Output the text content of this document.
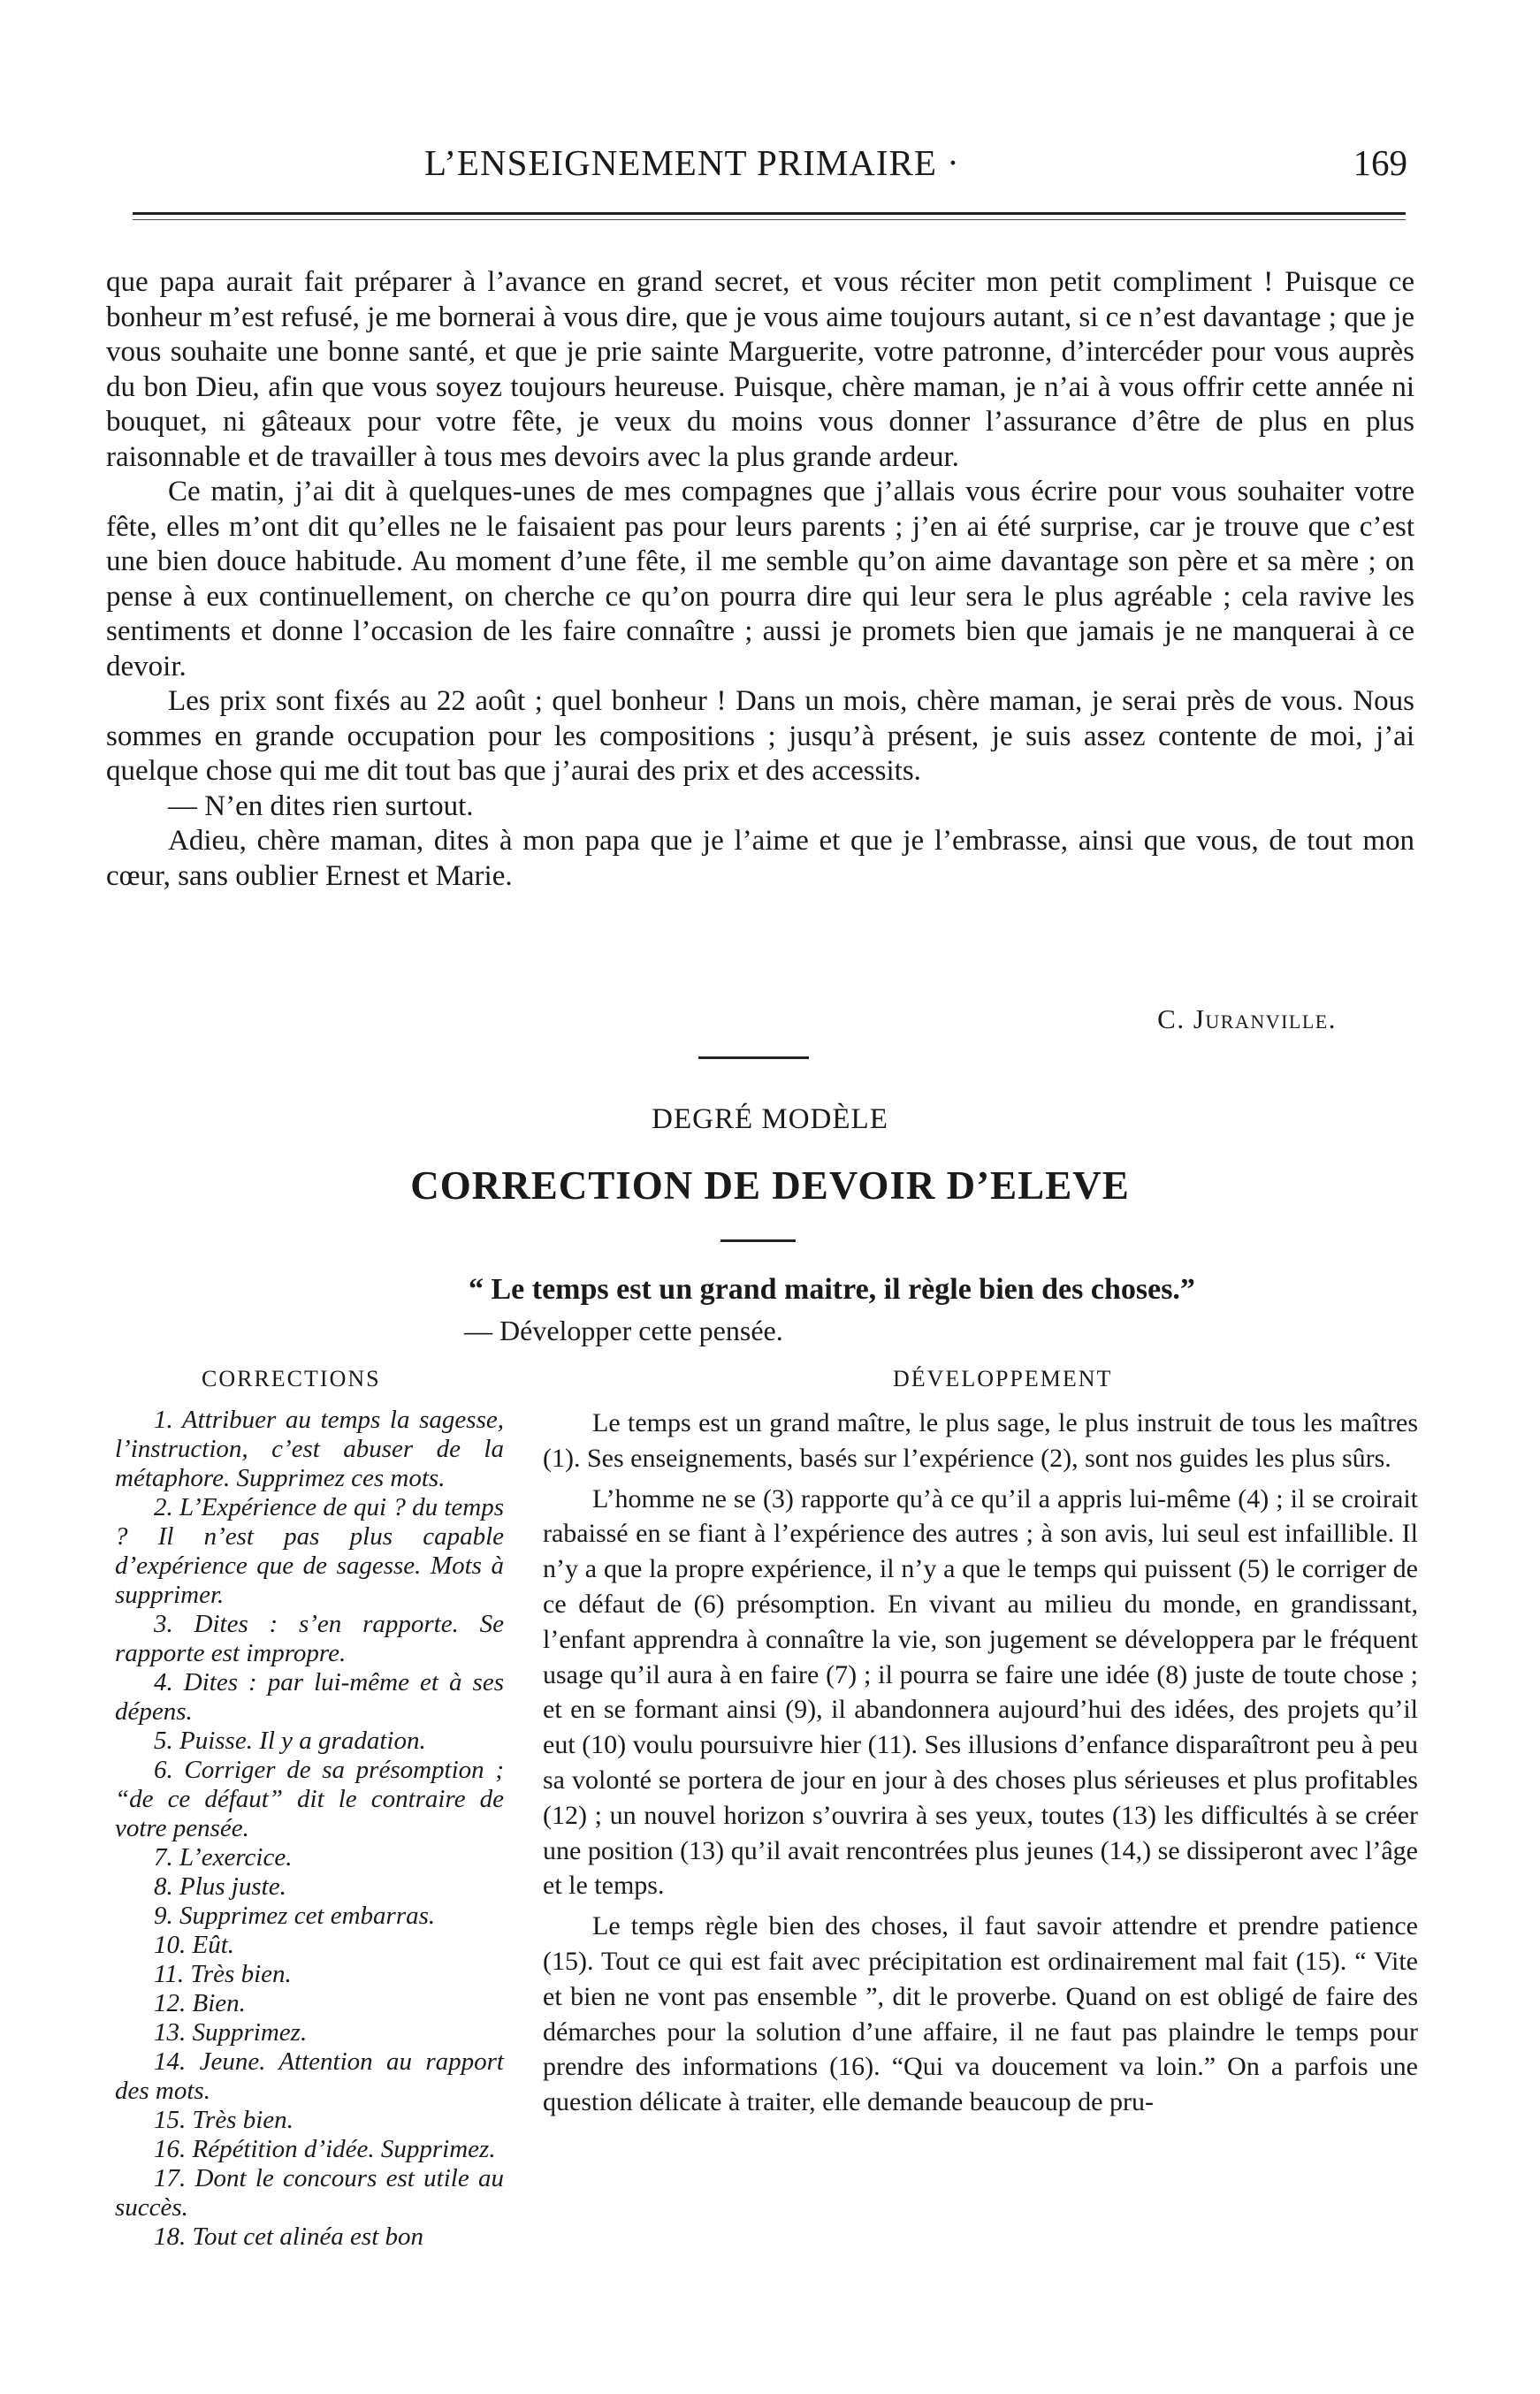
L’ENSEIGNEMENT PRIMAIRE ·	169

que papa aurait fait préparer à l’avance en grand secret, et vous réciter mon petit compliment ! Puisque ce bonheur m’est refusé, je me bornerai à vous dire, que je vous aime toujours autant, si ce n’est davantage ; que je vous souhaite une bonne santé, et que je prie sainte Marguerite, votre patronne, d’intercéder pour vous auprès du bon Dieu, afin que vous soyez toujours heureuse. Puisque, chère maman, je n’ai à vous offrir cette année ni bouquet, ni gâteaux pour votre fête, je veux du moins vous donner l’assurance d’être de plus en plus raisonnable et de travailler à tous mes devoirs avec la plus grande ardeur.

Ce matin, j’ai dit à quelques-unes de mes compagnes que j’allais vous écrire pour vous souhaiter votre fête, elles m’ont dit qu’elles ne le faisaient pas pour leurs parents ; j’en ai été surprise, car je trouve que c’est une bien douce habitude. Au moment d’une fête, il me semble qu’on aime davantage son père et sa mère ; on pense à eux continuellement, on cherche ce qu’on pourra dire qui leur sera le plus agréable ; cela ravive les sentiments et donne l’occasion de les faire connaître ; aussi je promets bien que jamais je ne manquerai à ce devoir.

Les prix sont fixés au 22 août ; quel bonheur ! Dans un mois, chère maman, je serai près de vous. Nous sommes en grande occupation pour les compositions ; jusqu’à présent, je suis assez contente de moi, j’ai quelque chose qui me dit tout bas que j’aurai des prix et des accessits.

— N’en dites rien surtout.

Adieu, chère maman, dites à mon papa que je l’aime et que je l’embrasse, ainsi que vous, de tout mon cœur, sans oublier Ernest et Marie.

C. Juranville.
DEGRÉ MODÈLE
CORRECTION DE DEVOIR D’ELEVE
“ Le temps est un grand maitre, il règle bien des choses.”
— Développer cette pensée.
CORRECTIONS	DÉVELOPPEMENT

1. Attribuer au temps la sagesse, l’instruction, c’est abuser de la métaphore. Supprimez ces mots.

2. L’Expérience de qui ? du temps ? Il n’est pas plus capable d’expérience que de sagesse. Mots à supprimer.

3. Dites : s’en rapporte. Se rapporte est impropre.

4. Dites : par lui-même et à ses dépens.

5. Puisse. Il y a gradation.

6. Corriger de sa présomption ; “de ce défaut” dit le contraire de votre pensée.

7. L’exercice.

8. Plus juste.

9. Supprimez cet embarras.

10. Eût.

11. Très bien.

12. Bien.

13. Supprimez.

14. Jeune. Attention au rapport des mots.

15. Très bien.

16. Répétition d’idée. Supprimez.

17. Dont le concours est utile au succès.

18. Tout cet alinéa est bon

Le temps est un grand maître, le plus sage, le plus instruit de tous les maîtres (1). Ses enseignements, basés sur l’expérience (2), sont nos guides les plus sûrs.

L’homme ne se (3) rapporte qu’à ce qu’il a appris lui-même (4) ; il se croirait rabaissé en se fiant à l’expérience des autres ; à son avis, lui seul est infaillible. Il n’y a que la propre expérience, il n’y a que le temps qui puissent (5) le corriger de ce défaut de (6) présomption. En vivant au milieu du monde, en grandissant, l’enfant apprendra à connaître la vie, son jugement se développera par le fréquent usage qu’il aura à en faire (7) ; il pourra se faire une idée (8) juste de toute chose ; et en se formant ainsi (9), il abandonnera aujourd’hui des idées, des projets qu’il eut (10) voulu poursuivre hier (11). Ses illusions d’enfance disparaîtront peu à peu sa volonté se portera de jour en jour à des choses plus sérieuses et plus profitables (12) ; un nouvel horizon s’ouvrira à ses yeux, toutes (13) les difficultés à se créer une position (13) qu’il avait rencontrées plus jeunes (14,) se dissiperont avec l’âge et le temps.

Le temps règle bien des choses, il faut savoir attendre et prendre patience (15). Tout ce qui est fait avec précipitation est ordinairement mal fait (15). “ Vite et bien ne vont pas ensemble ”, dit le proverbe. Quand on est obligé de faire des démarches pour la solution d’une affaire, il ne faut pas plaindre le temps pour prendre des informations (16). “Qui va doucement va loin.” On a parfois une question délicate à traiter, elle demande beaucoup de pru-
